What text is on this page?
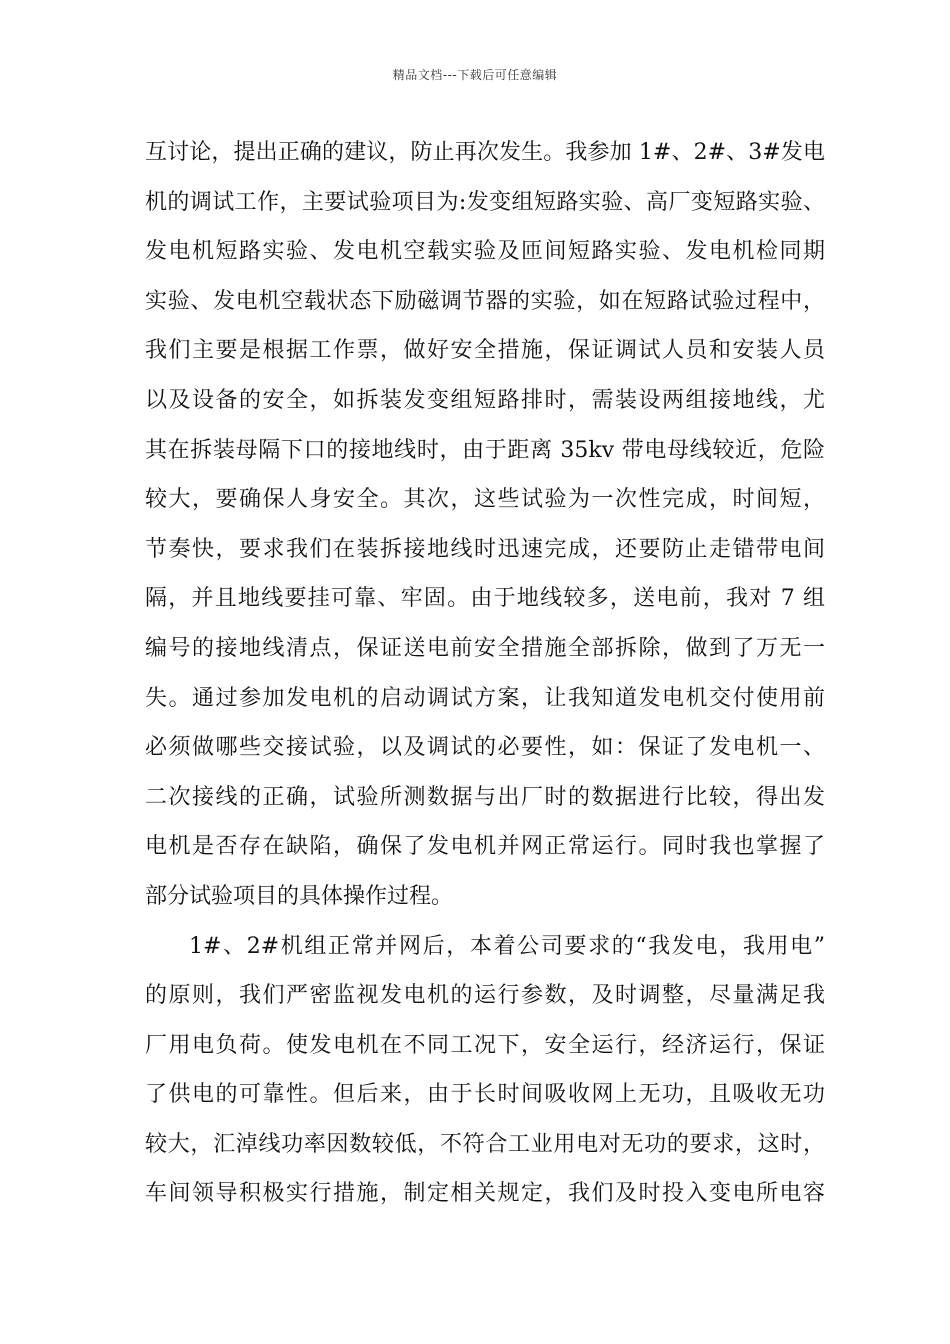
精品文档---下载后可任意编辑
互讨论，提出正确的建议，防止再次发生。我参加 1#、2#、3#发电
机的调试工作，主要试验项目为:发变组短路实验、高厂变短路实验、
发电机短路实验、发电机空载实验及匝间短路实验、发电机检同期
实验、发电机空载状态下励磁调节器的实验，如在短路试验过程中，
我们主要是根据工作票，做好安全措施，保证调试人员和安装人员
以及设备的安全，如拆装发变组短路排时，需装设两组接地线，尤
其在拆装母隔下口的接地线时，由于距离 35kv 带电母线较近，危险
较大，要确保人身安全。其次，这些试验为一次性完成，时间短，
节奏快，要求我们在装拆接地线时迅速完成，还要防止走错带电间
隔，并且地线要挂可靠、牢固。由于地线较多，送电前，我对 7 组
编号的接地线清点，保证送电前安全措施全部拆除，做到了万无一
失。通过参加发电机的启动调试方案，让我知道发电机交付使用前
必须做哪些交接试验，以及调试的必要性，如：保证了发电机一、
二次接线的正确，试验所测数据与出厂时的数据进行比较，得出发
电机是否存在缺陷，确保了发电机并网正常运行。同时我也掌握了
部分试验项目的具体操作过程。
1#、2#机组正常并网后，本着公司要求的“我发电，我用电”
的原则，我们严密监视发电机的运行参数，及时调整，尽量满足我
厂用电负荷。使发电机在不同工况下，安全运行，经济运行，保证
了供电的可靠性。但后来，由于长时间吸收网上无功，且吸收无功
较大，汇淖线功率因数较低，不符合工业用电对无功的要求，这时，
车间领导积极实行措施，制定相关规定，我们及时投入变电所电容
